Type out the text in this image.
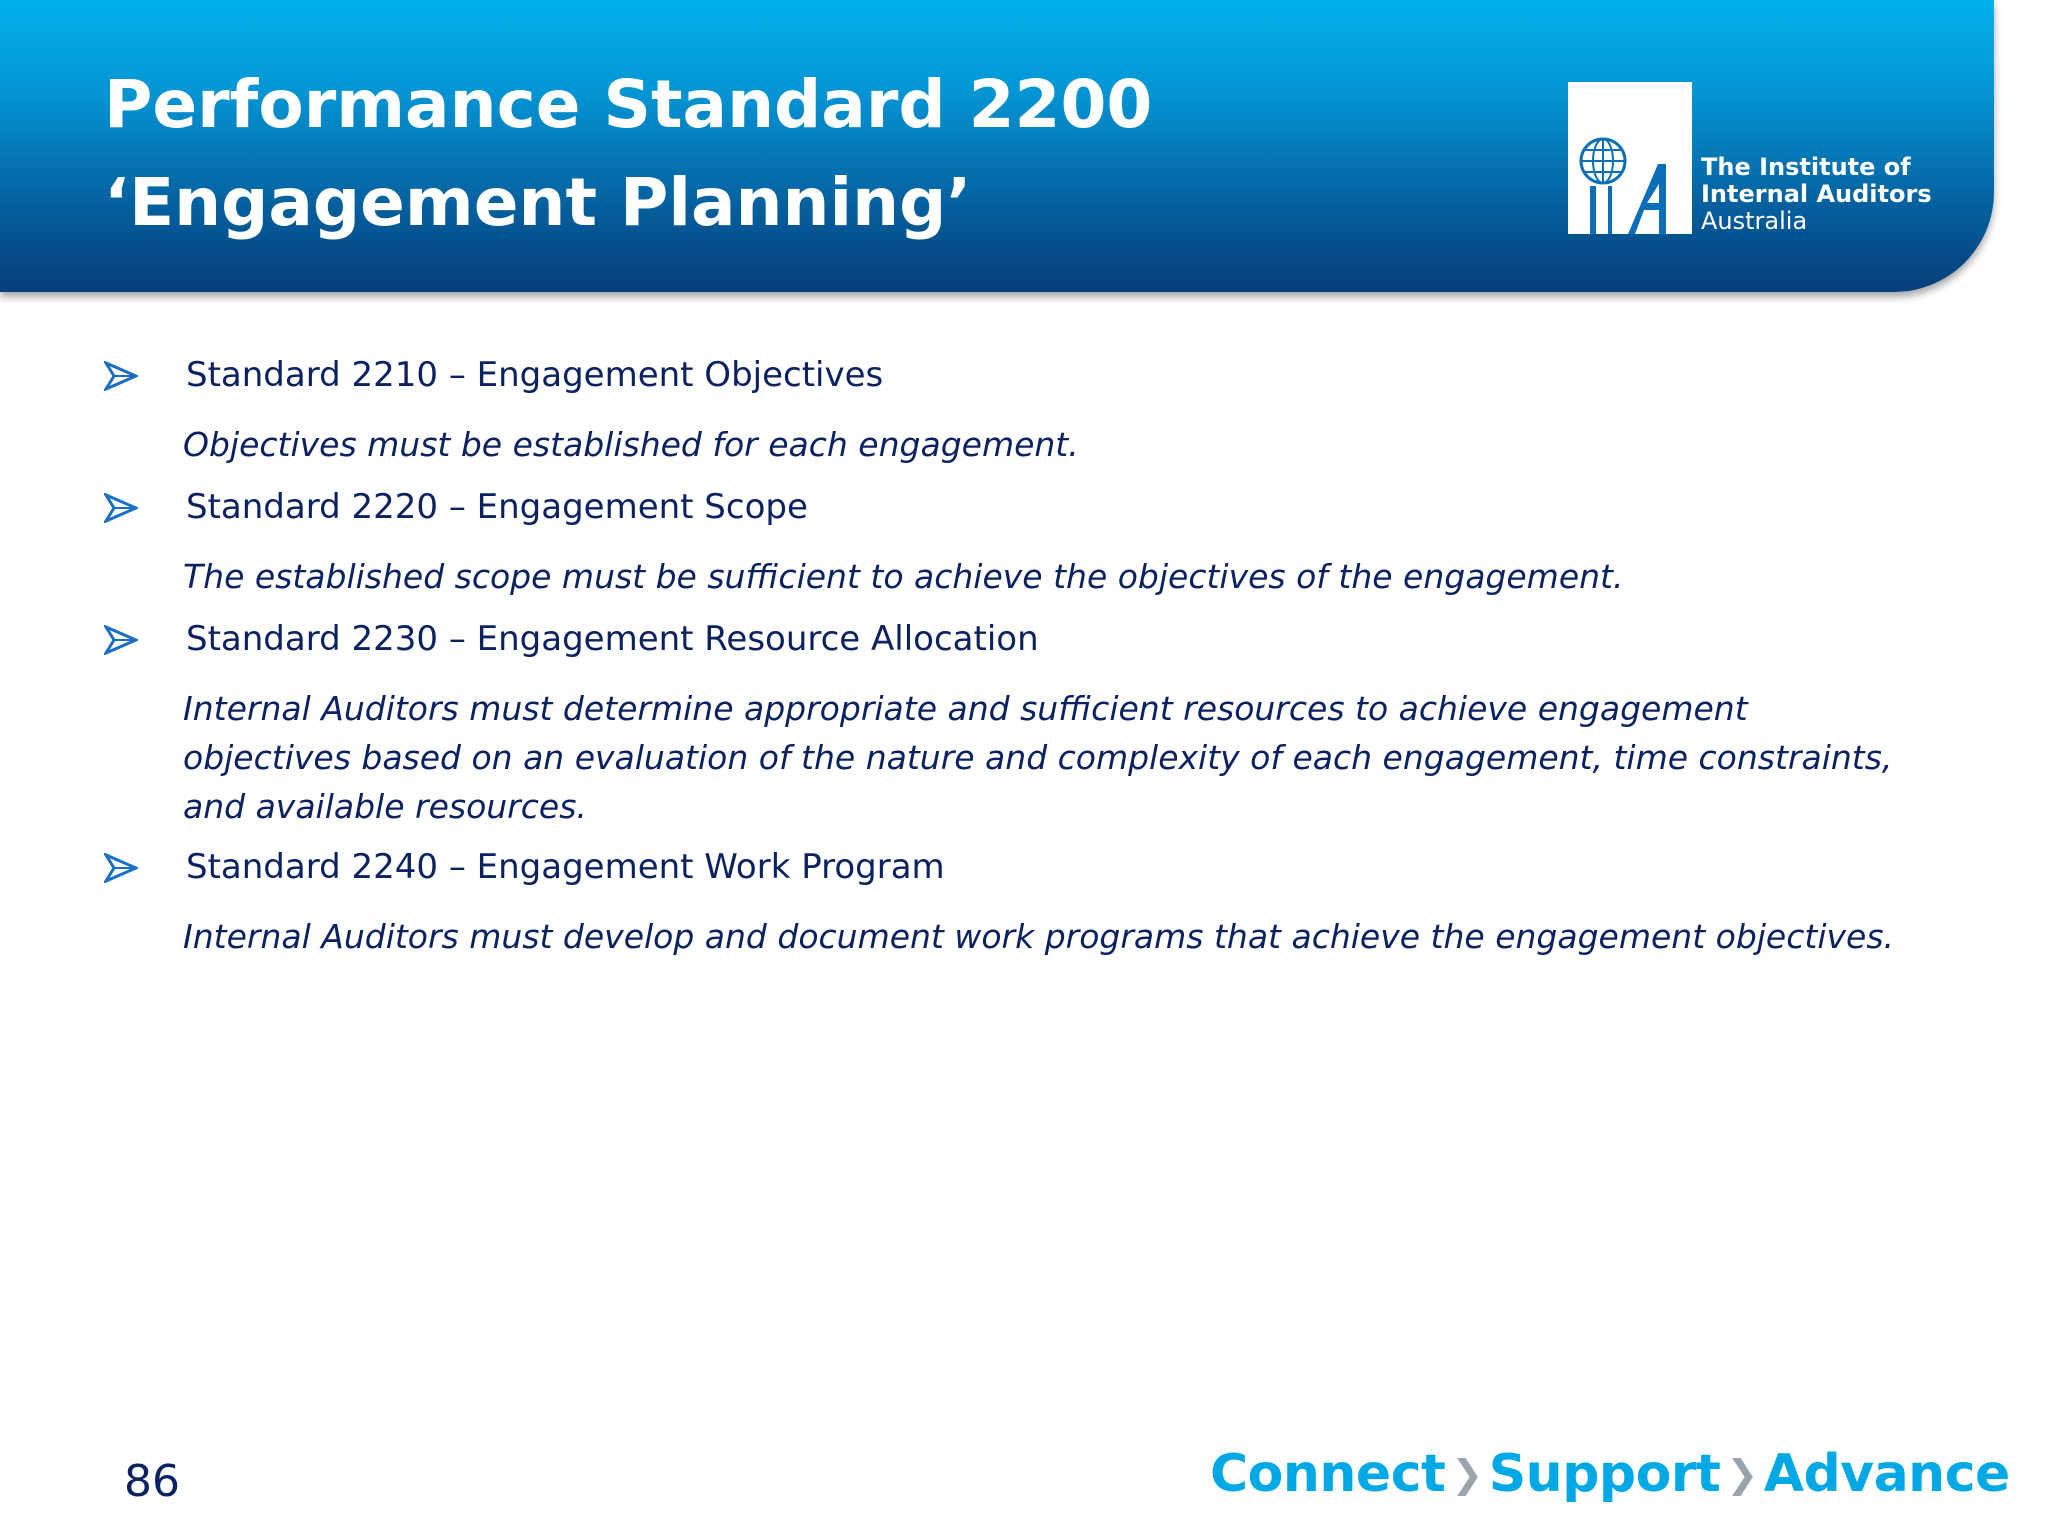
Performance Standard 2200
‘Engagement Planning’	The Institute of
Internal Auditors
Australia

Standard 2210 – Engagement Objectives

Objectives must be established for each engagement.

Standard 2220 – Engagement Scope

The established scope must be sufficient to achieve the objectives of the engagement.

Standard 2230 – Engagement Resource Allocation

Internal Auditors must determine appropriate and sufficient resources to achieve engagement objectives based on an evaluation of the nature and complexity of each engagement, time constraints, and available resources.

Standard 2240 – Engagement Work Program

Internal Auditors must develop and document work programs that achieve the engagement objectives.

86	Connect ❯ Support ❯ Advance
